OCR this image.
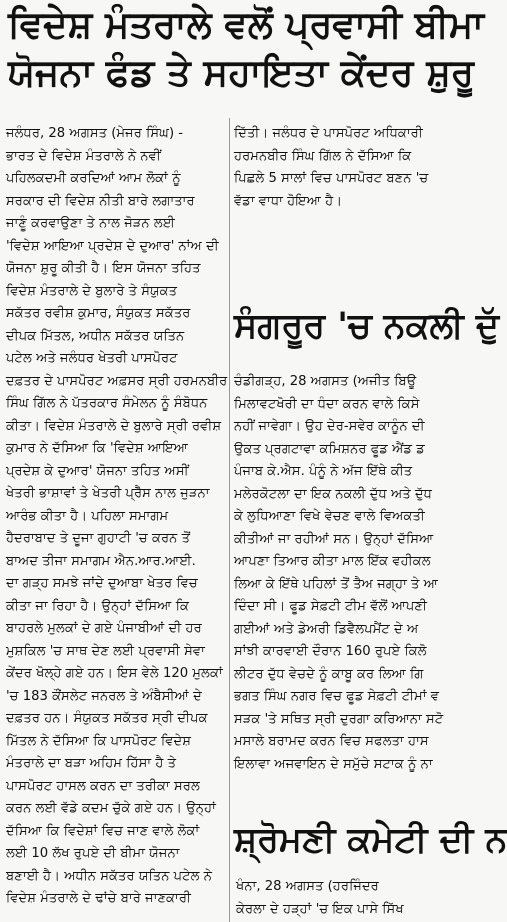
ਵਿਦੇਸ਼ ਮੰਤਰਾਲੇ ਵਲੋਂ ਪ੍ਰਵਾਸੀ ਬੀਮਾ
ਯੋਜਨਾ ਫੰਡ ਤੇ ਸਹਾਇਤਾ ਕੇਂਦਰ ਸ਼ੁਰੂ
ਜਲੰਧਰ, 28 ਅਗਸਤ (ਮੇਜਰ ਸਿੰਘ) -
ਭਾਰਤ ਦੇ ਵਿਦੇਸ਼ ਮੰਤਰਾਲੇ ਨੇ ਨਵੀਂ
ਪਹਿਲਕਦਮੀ ਕਰਦਿਆਂ ਆਮ ਲੋਕਾਂ ਨੂੰ
ਸਰਕਾਰ ਦੀ ਵਿਦੇਸ਼ ਨੀਤੀ ਬਾਰੇ ਲਗਾਤਾਰ
ਜਾਣੂੰ ਕਰਵਾਉਣਾ ਤੇ ਨਾਲ ਜੋੜਨ ਲਈ
'ਵਿਦੇਸ਼ ਆਇਆ ਪ੍ਰਦੇਸ਼ ਦੇ ਦੁਆਰ' ਨਾਂਅ ਦੀ
ਯੋਜਨਾ ਸ਼ੁਰੂ ਕੀਤੀ ਹੈ। ਇਸ ਯੋਜਨਾ ਤਹਿਤ
ਵਿਦੇਸ਼ ਮੰਤਰਾਲੇ ਦੇ ਬੁਲਾਰੇ ਤੇ ਸੰਯੁਕਤ
ਸਕੱਤਰ ਰਵੀਸ਼ ਕੁਮਾਰ, ਸੰਯੁਕਤ ਸਕੱਤਰ
ਦੀਪਕ ਮਿੱਤਲ, ਅਧੀਨ ਸਕੱਤਰ ਯਤਿਨ
ਪਟੇਲ ਅਤੇ ਜਲੰਧਰ ਖੇਤਰੀ ਪਾਸਪੋਰਟ
ਦਫ਼ਤਰ ਦੇ ਪਾਸਪੋਰਟ ਅਫ਼ਸਰ ਸ੍ਰੀ ਹਰਮਨਬੀਰ
ਸਿੰਘ ਗਿੱਲ ਨੇ ਪੱਤਰਕਾਰ ਸੰਮੇਲਨ ਨੂੰ ਸੰਬੋਧਨ
ਕੀਤਾ। ਵਿਦੇਸ਼ ਮੰਤਰਾਲੇ ਦੇ ਬੁਲਾਰੇ ਸ੍ਰੀ ਰਵੀਸ਼
ਕੁਮਾਰ ਨੇ ਦੱਸਿਆ ਕਿ 'ਵਿਦੇਸ਼ ਆਇਆ
ਪ੍ਰਦੇਸ਼ ਕੇ ਦੁਆਰ' ਯੋਜਨਾ ਤਹਿਤ ਅਸੀਂ
ਖੇਤਰੀ ਭਾਸ਼ਾਵਾਂ ਤੇ ਖੇਤਰੀ ਪ੍ਰੈੱਸ ਨਾਲ ਜੁੜਨਾ
ਆਰੰਭ ਕੀਤਾ ਹੈ। ਪਹਿਲਾ ਸਮਾਗਮ
ਹੈਦਰਾਬਾਦ ਤੇ ਦੂਜਾ ਗੁਹਾਟੀ 'ਚ ਕਰਨ ਤੋਂ
ਬਾਅਦ ਤੀਜਾ ਸਮਾਗਮ ਐਨ.ਆਰ.ਆਈ.
ਦਾ ਗੜ੍ਹ ਸਮਝੇ ਜਾਂਦੇ ਦੁਆਬਾ ਖੇਤਰ ਵਿਚ
ਕੀਤਾ ਜਾ ਰਿਹਾ ਹੈ। ਉਨ੍ਹਾਂ ਦੱਸਿਆ ਕਿ
ਬਾਹਰਲੇ ਮੁਲਕਾਂ ਦੇ ਗਏ ਪੰਜਾਬੀਆਂ ਦੀ ਹਰ
ਮੁਸ਼ਕਿਲ 'ਚ ਸਾਥ ਦੇਣ ਲਈ ਪ੍ਰਵਾਸੀ ਸੇਵਾ
ਕੇਂਦਰ ਖੋਲ੍ਹੇ ਗਏ ਹਨ। ਇਸ ਵੇਲੇ 120 ਮੁਲਕਾਂ
'ਚ 183 ਕੌਂਸਲੇਟ ਜਨਰਲ ਤੇ ਅੰਬੈਸੀਆਂ ਦੇ
ਦਫ਼ਤਰ ਹਨ। ਸੰਯੁਕਤ ਸਕੱਤਰ ਸ੍ਰੀ ਦੀਪਕ
ਮਿੱਤਲ ਨੇ ਦੱਸਿਆ ਕਿ ਪਾਸਪੋਰਟ ਵਿਦੇਸ਼
ਮੰਤਰਾਲੇ ਦਾ ਬੜਾ ਅਹਿਮ ਹਿੱਸਾ ਹੈ ਤੇ
ਪਾਸਪੋਰਟ ਹਾਸਲ ਕਰਨ ਦਾ ਤਰੀਕਾ ਸਰਲ
ਕਰਨ ਲਈ ਵੱਡੇ ਕਦਮ ਚੁੱਕੇ ਗਏ ਹਨ। ਉਨ੍ਹਾਂ
ਦੱਸਿਆ ਕਿ ਵਿਦੇਸ਼ਾਂ ਵਿਚ ਜਾਣ ਵਾਲੇ ਲੋਕਾਂ
ਲਈ 10 ਲੱਖ ਰੁਪਏ ਦੀ ਬੀਮਾ ਯੋਜਨਾ
ਬਣਾਈ ਹੈ। ਅਧੀਨ ਸਕੱਤਰ ਯਤਿਨ ਪਟੇਲ ਨੇ
ਵਿਦੇਸ਼ ਮੰਤਰਾਲੇ ਦੇ ਢਾਂਚੇ ਬਾਰੇ ਜਾਣਕਾਰੀ
ਦਿੱਤੀ। ਜਲੰਧਰ ਦੇ ਪਾਸਪੋਰਟ ਅਧਿਕਾਰੀ
ਹਰਮਨਬੀਰ ਸਿੰਘ ਗਿੱਲ ਨੇ ਦੱਸਿਆ ਕਿ
ਪਿਛਲੇ 5 ਸਾਲਾਂ ਵਿਚ ਪਾਸਪੋਰਟ ਬਣਨ 'ਚ
ਵੱਡਾ ਵਾਧਾ ਹੋਇਆ ਹੈ।
ਸੰਗਰੂਰ 'ਚ ਨਕਲੀ ਦੁੱ
ਚੰਡੀਗੜ੍ਹ, 28 ਅਗਸਤ (ਅਜੀਤ ਬਿਊ
ਮਿਲਾਵਟਖੋਰੀ ਦਾ ਧੰਦਾ ਕਰਨ ਵਾਲੇ ਕਿਸੇ
ਨਹੀਂ ਜਾਵੇਗਾ। ਉਹ ਦੇਰ-ਸਵੇਰ ਕਾਨੂੰਨ ਦੀ
ਉਕਤ ਪ੍ਰਗਟਾਵਾ ਕਮਿਸ਼ਨਰ ਫੂਡ ਐਂਡ ਡ
ਪੰਜਾਬ ਕੇ.ਐਸ. ਪੰਨੂੰ ਨੇ ਅੱਜ ਇੱਥੇ ਕੀਤ
ਮਲੇਰਕੋਟਲਾ ਦਾ ਇਕ ਨਕਲੀ ਦੁੱਧ ਅਤੇ ਦੁੱਧ
ਕੇ ਲੁਧਿਆਣਾ ਵਿਖੇ ਵੇਚਣ ਵਾਲੇ ਵਿਅਕਤੀ
ਕੀਤੀਆਂ ਜਾ ਰਹੀਆਂ ਸਨ। ਉਨ੍ਹਾਂ ਦੱਸਿਆ
ਆਪਣਾ ਤਿਆਰ ਕੀਤਾ ਮਾਲ ਇੱਕ ਵਹੀਕਲ
ਲਿਆ ਕੇ ਇੱਥੇ ਪਹਿਲਾਂ ਤੋਂ ਤੈਅ ਜਗ੍ਹਾ ਤੇ ਆ
ਦਿੰਦਾ ਸੀ। ਫੂਡ ਸੇਫ਼ਟੀ ਟੀਮ ਵੱਲੋਂ ਆਪਣੀ
ਗਈਆਂ ਅਤੇ ਡੇਅਰੀ ਡਿਵੈਲਪਮੈਂਟ ਦੇ ਅ
ਸਾਂਝੀ ਕਾਰਵਾਈ ਦੌਰਾਨ 160 ਰੁਪਏ ਕਿਲੋ
ਲੀਟਰ ਦੁੱਧ ਵੇਚਦੇ ਨੂੰ ਕਾਬੂ ਕਰ ਲਿਆ ਗਿ
ਭਗਤ ਸਿੰਘ ਨਗਰ ਵਿਚ ਫੂਡ ਸੇਫ਼ਟੀ ਟੀਮਾਂ ਵ
ਸੜਕ 'ਤੇ ਸਥਿਤ ਸ੍ਰੀ ਦੁਰਗਾ ਕਰਿਆਨਾ ਸਟੋ
ਮਸਾਲੇ ਬਰਾਮਦ ਕਰਨ ਵਿਚ ਸਫਲਤਾ ਹਾਸ
ਇਲਾਵਾ ਅਜਵਾਇਨ ਦੇ ਸਮੁੱਚੇ ਸਟਾਕ ਨੂੰ ਨਾ
ਸ਼੍ਰੋਮਣੀ ਕਮੇਟੀ ਦੀ ਨ
ਖੰਨਾ, 28 ਅਗਸਤ (ਹਰਜਿੰਦਰ
ਕੇਰਲਾ ਦੇ ਹੜ੍ਹਾਂ 'ਚ ਇਕ ਪਾਸੇ ਸਿੱਖ
